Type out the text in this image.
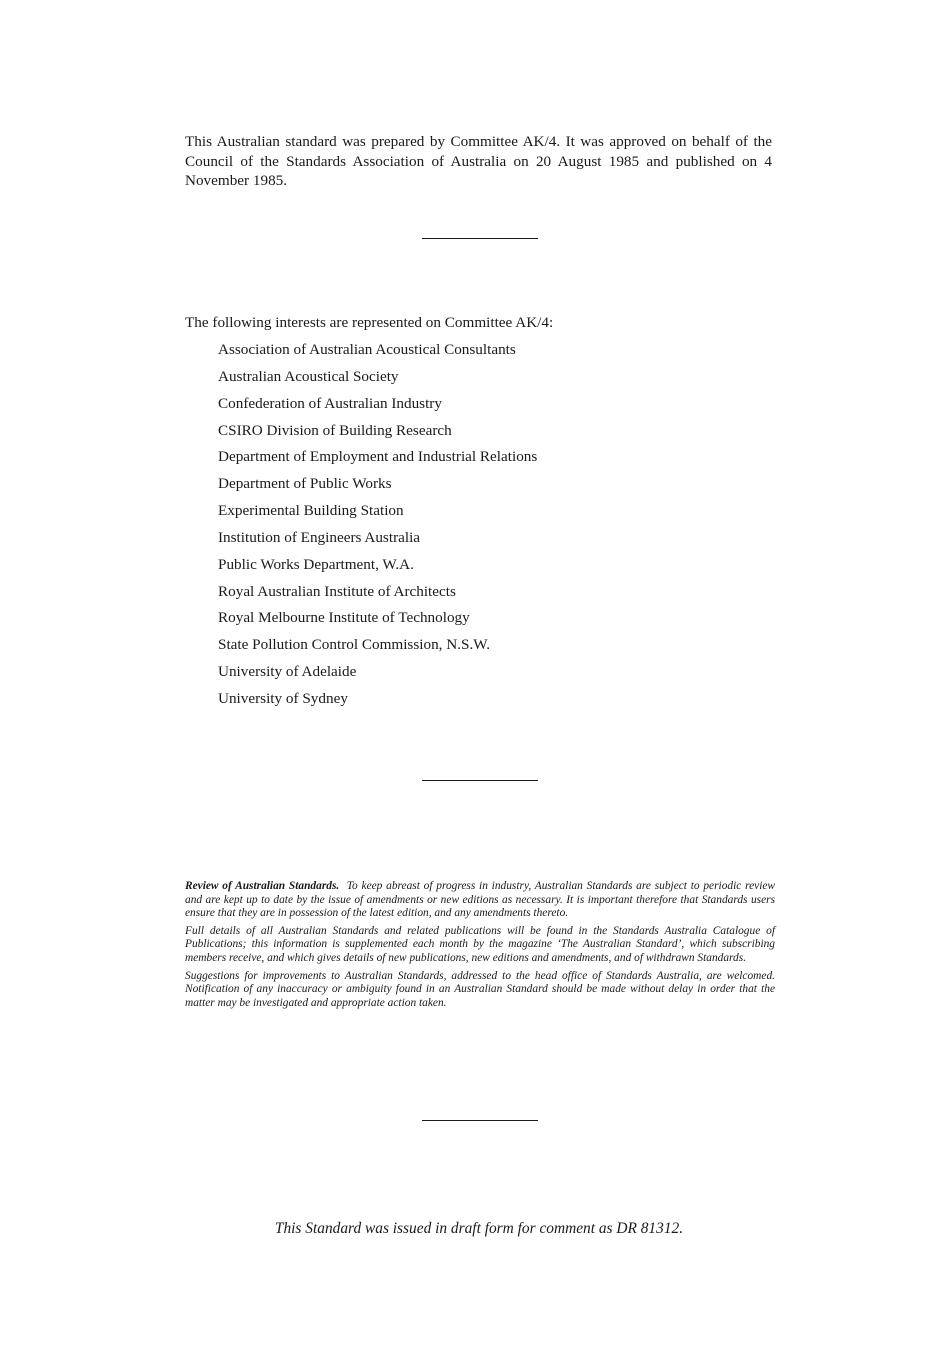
This Australian standard was prepared by Committee AK/4. It was approved on behalf of the Council of the Standards Association of Australia on 20 August 1985 and published on 4 November 1985.

The following interests are represented on Committee AK/4:
Association of Australian Acoustical Consultants
Australian Acoustical Society
Confederation of Australian Industry
CSIRO Division of Building Research
Department of Employment and Industrial Relations
Department of Public Works
Experimental Building Station
Institution of Engineers Australia
Public Works Department, W.A.
Royal Australian Institute of Architects
Royal Melbourne Institute of Technology
State Pollution Control Commission, N.S.W.
University of Adelaide
University of Sydney

Review of Australian Standards. To keep abreast of progress in industry, Australian Standards are subject to periodic review and are kept up to date by the issue of amendments or new editions as necessary. It is important therefore that Standards users ensure that they are in possession of the latest edition, and any amendments thereto.

Full details of all Australian Standards and related publications will be found in the Standards Australia Catalogue of Publications; this information is supplemented each month by the magazine ‘The Australian Standard’, which subscribing members receive, and which gives details of new publications, new editions and amendments, and of withdrawn Standards.

Suggestions for improvements to Australian Standards, addressed to the head office of Standards Australia, are welcomed. Notification of any inaccuracy or ambiguity found in an Australian Standard should be made without delay in order that the matter may be investigated and appropriate action taken.

This Standard was issued in draft form for comment as DR 81312.
